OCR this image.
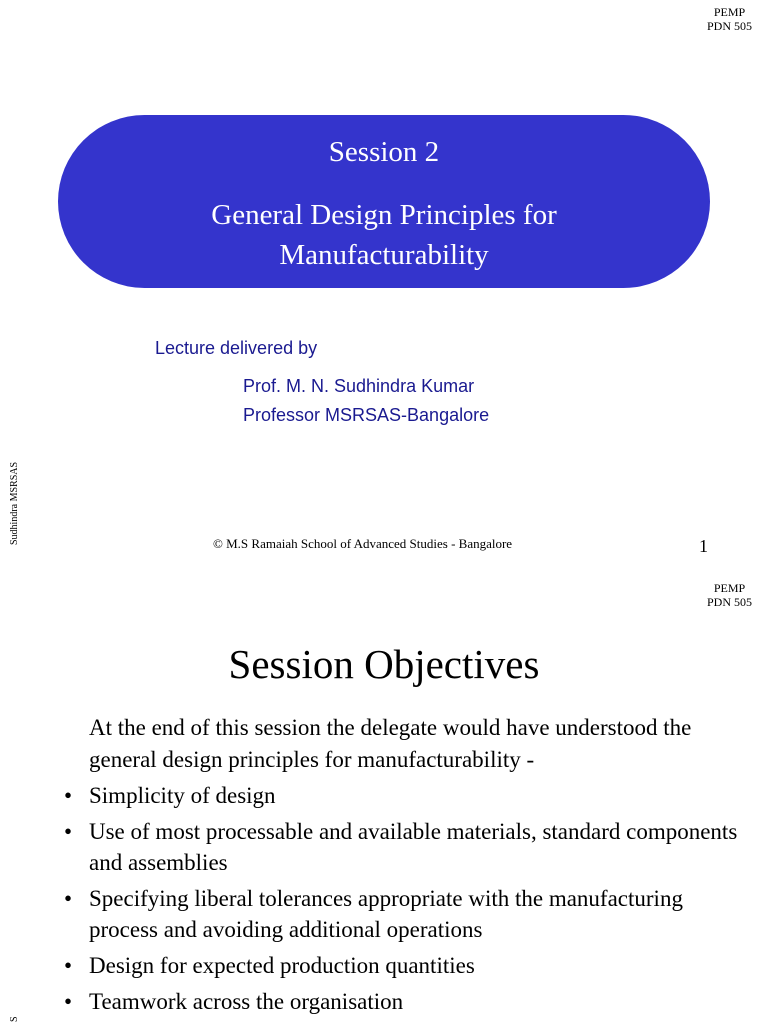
PEMP
PDN 505
Session 2
General Design Principles for
Manufacturability
Lecture delivered by
Prof. M. N. Sudhindra Kumar
Professor MSRSAS-Bangalore
Sudhindra MSRSAS	© M.S Ramaiah School of Advanced Studies - Bangalore	1
PEMP
PDN 505
Session Objectives
At the end of this session the delegate would have understood the general design principles for manufacturability -
• Simplicity of design
• Use of most processable and available materials, standard components and assemblies
• Specifying liberal tolerances appropriate with the manufacturing process and avoiding additional operations
• Design for expected production quantities
• Teamwork across the organisation
S
